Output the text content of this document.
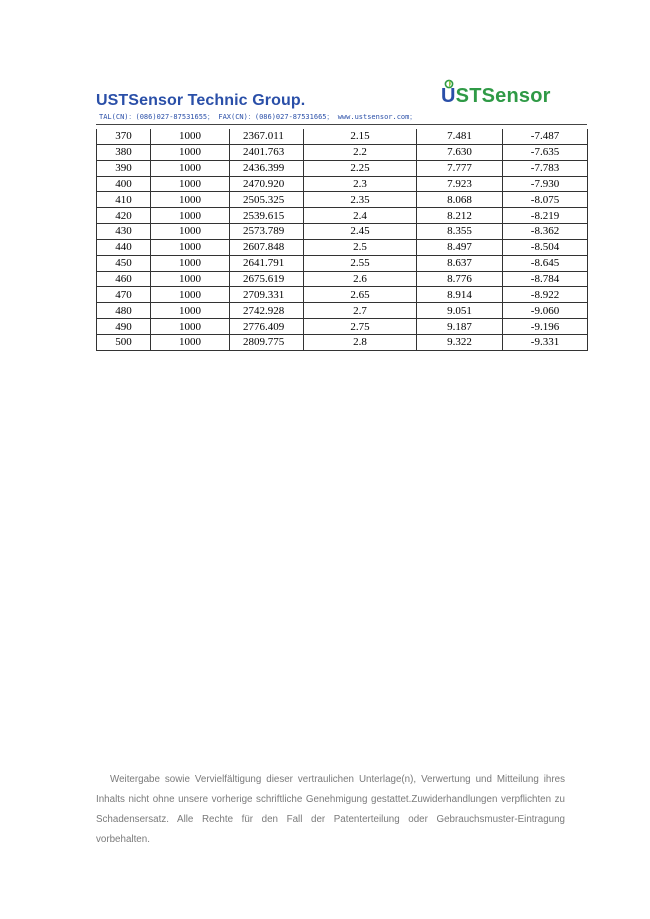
USTSensor Technic Group.
TAL(CN)：(086)027-87531655； FAX(CN)：(086)027-87531665； www.ustsensor.com；
USTSensor
370	1000	2367.011	2.15	7.481	-7.487
380	1000	2401.763	2.2	7.630	-7.635
390	1000	2436.399	2.25	7.777	-7.783
400	1000	2470.920	2.3	7.923	-7.930
410	1000	2505.325	2.35	8.068	-8.075
420	1000	2539.615	2.4	8.212	-8.219
430	1000	2573.789	2.45	8.355	-8.362
440	1000	2607.848	2.5	8.497	-8.504
450	1000	2641.791	2.55	8.637	-8.645
460	1000	2675.619	2.6	8.776	-8.784
470	1000	2709.331	2.65	8.914	-8.922
480	1000	2742.928	2.7	9.051	-9.060
490	1000	2776.409	2.75	9.187	-9.196
500	1000	2809.775	2.8	9.322	-9.331
Weitergabe sowie Vervielfältigung dieser vertraulichen Unterlage(n), Verwertung und Mitteilung ihres Inhalts nicht ohne unsere vorherige schriftliche Genehmigung gestattet.Zuwiderhandlungen verpflichten zu Schadensersatz. Alle Rechte für den Fall der Patenterteilung oder Gebrauchsmuster-Eintragung vorbehalten.
